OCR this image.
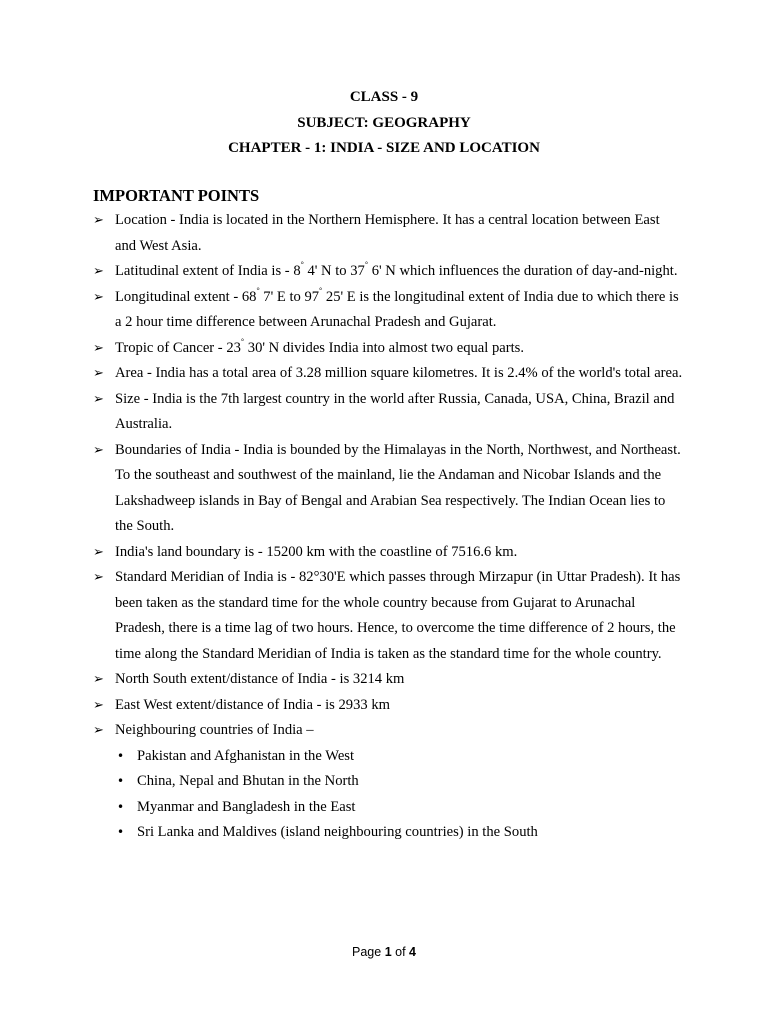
CLASS - 9
SUBJECT: GEOGRAPHY
CHAPTER - 1: INDIA - SIZE AND LOCATION
IMPORTANT POINTS
➢ Location - India is located in the Northern Hemisphere. It has a central location between East and West Asia.
➢ Latitudinal extent of India is - 8° 4' N to 37° 6' N which influences the duration of day-and-night.
➢ Longitudinal extent - 68° 7' E to 97° 25' E is the longitudinal extent of India due to which there is a 2 hour time difference between Arunachal Pradesh and Gujarat.
➢ Tropic of Cancer - 23° 30' N divides India into almost two equal parts.
➢ Area - India has a total area of 3.28 million square kilometres. It is 2.4% of the world's total area.
➢ Size - India is the 7th largest country in the world after Russia, Canada, USA, China, Brazil and Australia.
➢ Boundaries of India - India is bounded by the Himalayas in the North, Northwest, and Northeast. To the southeast and southwest of the mainland, lie the Andaman and Nicobar Islands and the Lakshadweep islands in Bay of Bengal and Arabian Sea respectively. The Indian Ocean lies to the South.
➢ India's land boundary is - 15200 km with the coastline of 7516.6 km.
➢ Standard Meridian of India is - 82°30'E which passes through Mirzapur (in Uttar Pradesh). It has been taken as the standard time for the whole country because from Gujarat to Arunachal Pradesh, there is a time lag of two hours. Hence, to overcome the time difference of 2 hours, the time along the Standard Meridian of India is taken as the standard time for the whole country.
➢ North South extent/distance of India - is 3214 km
➢ East West extent/distance of India - is 2933 km
➢ Neighbouring countries of India –
• Pakistan and Afghanistan in the West
• China, Nepal and Bhutan in the North
• Myanmar and Bangladesh in the East
• Sri Lanka and Maldives (island neighbouring countries) in the South
Page 1 of 4
